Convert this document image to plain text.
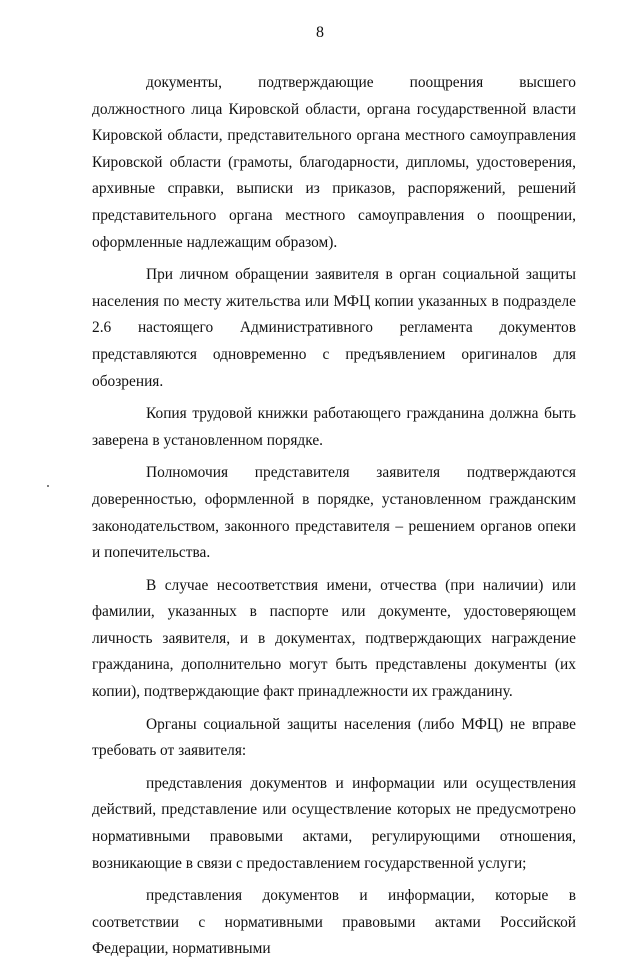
8

документы, подтверждающие поощрения высшего должностного лица Кировской области, органа государственной власти Кировской области, представительного органа местного самоуправления Кировской области (грамоты, благодарности, дипломы, удостоверения, архивные справки, выписки из приказов, распоряжений, решений представительного органа местного самоуправления о поощрении, оформленные надлежащим образом).

При личном обращении заявителя в орган социальной защиты населения по месту жительства или МФЦ копии указанных в подразделе 2.6 настоящего Административного регламента документов представляются одновременно с предъявлением оригиналов для обозрения.

Копия трудовой книжки работающего гражданина должна быть заверена в установленном порядке.

Полномочия представителя заявителя подтверждаются доверенностью, оформленной в порядке, установленном гражданским законодательством, законного представителя – решением органов опеки и попечительства.

В случае несоответствия имени, отчества (при наличии) или фамилии, указанных в паспорте или документе, удостоверяющем личность заявителя, и в документах, подтверждающих награждение гражданина, дополнительно могут быть представлены документы (их копии), подтверждающие факт принадлежности их гражданину.

Органы социальной защиты населения (либо МФЦ) не вправе требовать от заявителя:

представления документов и информации или осуществления действий, представление или осуществление которых не предусмотрено нормативными правовыми актами, регулирующими отношения, возникающие в связи с предоставлением государственной услуги;

представления документов и информации, которые в соответствии с нормативными правовыми актами Российской Федерации, нормативными
